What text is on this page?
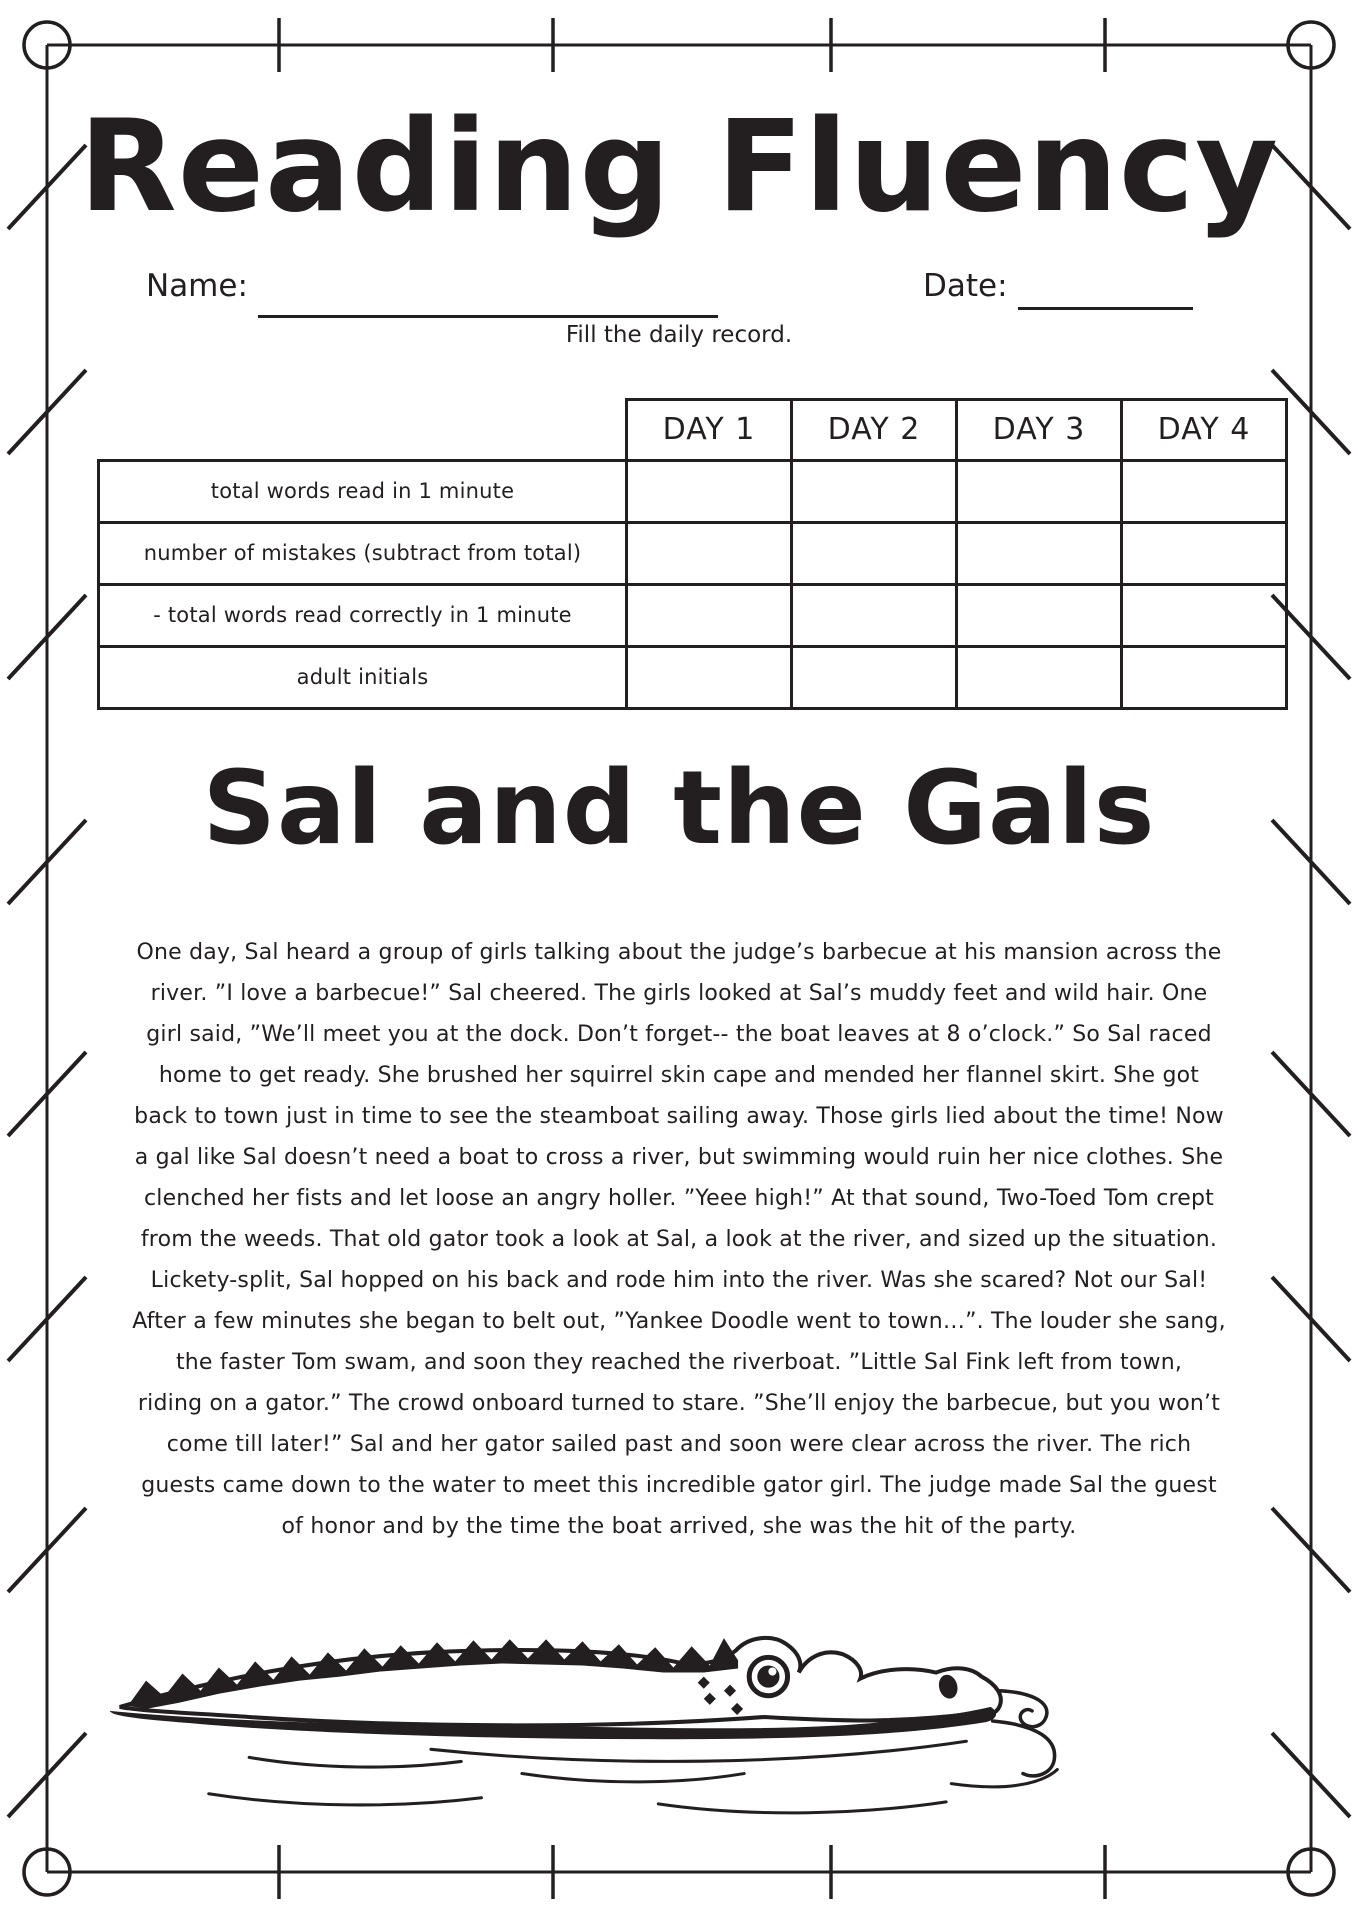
Reading Fluency
Name:	Date:
Fill the daily record.
	DAY 1	DAY 2	DAY 3	DAY 4
total words read in 1 minute				
number of mistakes (subtract from total)				
- total words read correctly in 1 minute				
adult initials				
Sal and the Gals
One day, Sal heard a group of girls talking about the judge’s barbecue at his mansion across the
river. ”I love a barbecue!” Sal cheered. The girls looked at Sal’s muddy feet and wild hair. One
girl said, ”We’ll meet you at the dock. Don’t forget-- the boat leaves at 8 o’clock.” So Sal raced
home to get ready. She brushed her squirrel skin cape and mended her flannel skirt. She got
back to town just in time to see the steamboat sailing away. Those girls lied about the time! Now
a gal like Sal doesn’t need a boat to cross a river, but swimming would ruin her nice clothes. She
clenched her fists and let loose an angry holler. ”Yeee high!” At that sound, Two-Toed Tom crept
from the weeds. That old gator took a look at Sal, a look at the river, and sized up the situation.
Lickety-split, Sal hopped on his back and rode him into the river. Was she scared? Not our Sal!
After a few minutes she began to belt out, ”Yankee Doodle went to town…”. The louder she sang,
the faster Tom swam, and soon they reached the riverboat. ”Little Sal Fink left from town,
riding on a gator.” The crowd onboard turned to stare. ”She’ll enjoy the barbecue, but you won’t
come till later!” Sal and her gator sailed past and soon were clear across the river. The rich
guests came down to the water to meet this incredible gator girl. The judge made Sal the guest
of honor and by the time the boat arrived, she was the hit of the party.
